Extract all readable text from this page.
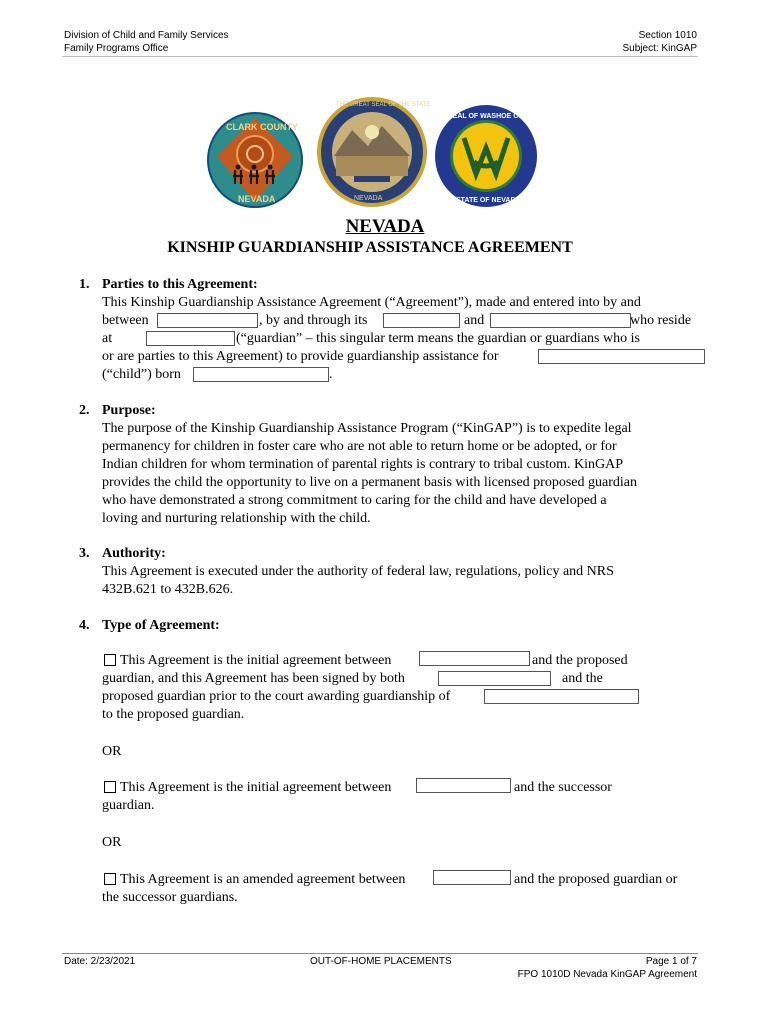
Division of Child and Family Services
Family Programs Office
Section 1010
Subject: KinGAP
CLARK COUNTY
NEVADA
THE GREAT SEAL OF THE STATE
NEVADA
SEAL OF WASHOE COUNTY
STATE OF NEVADA
NEVADA
KINSHIP GUARDIANSHIP ASSISTANCE AGREEMENT
1. Parties to this Agreement:
This Kinship Guardianship Assistance Agreement (“Agreement”), made and entered into by and
between	, by and through its	and	who reside
at	(“guardian” – this singular term means the guardian or guardians who is
or are parties to this Agreement) to provide guardianship assistance for
(“child”) born	.
2. Purpose:
The purpose of the Kinship Guardianship Assistance Program (“KinGAP”) is to expedite legal
permanency for children in foster care who are not able to return home or be adopted, or for
Indian children for whom termination of parental rights is contrary to tribal custom. KinGAP
provides the child the opportunity to live on a permanent basis with licensed proposed guardian
who have demonstrated a strong commitment to caring for the child and have developed a
loving and nurturing relationship with the child.
3. Authority:
This Agreement is executed under the authority of federal law, regulations, policy and NRS
432B.621 to 432B.626.
4. Type of Agreement:
This Agreement is the initial agreement between	and the proposed
guardian, and this Agreement has been signed by both	and the
proposed guardian prior to the court awarding guardianship of
to the proposed guardian.
OR
This Agreement is the initial agreement between	and the successor
guardian.
OR
This Agreement is an amended agreement between	and the proposed guardian or
the successor guardians.
Date: 2/23/2021	OUT-OF-HOME PLACEMENTS	Page 1 of 7
FPO 1010D Nevada KinGAP Agreement
